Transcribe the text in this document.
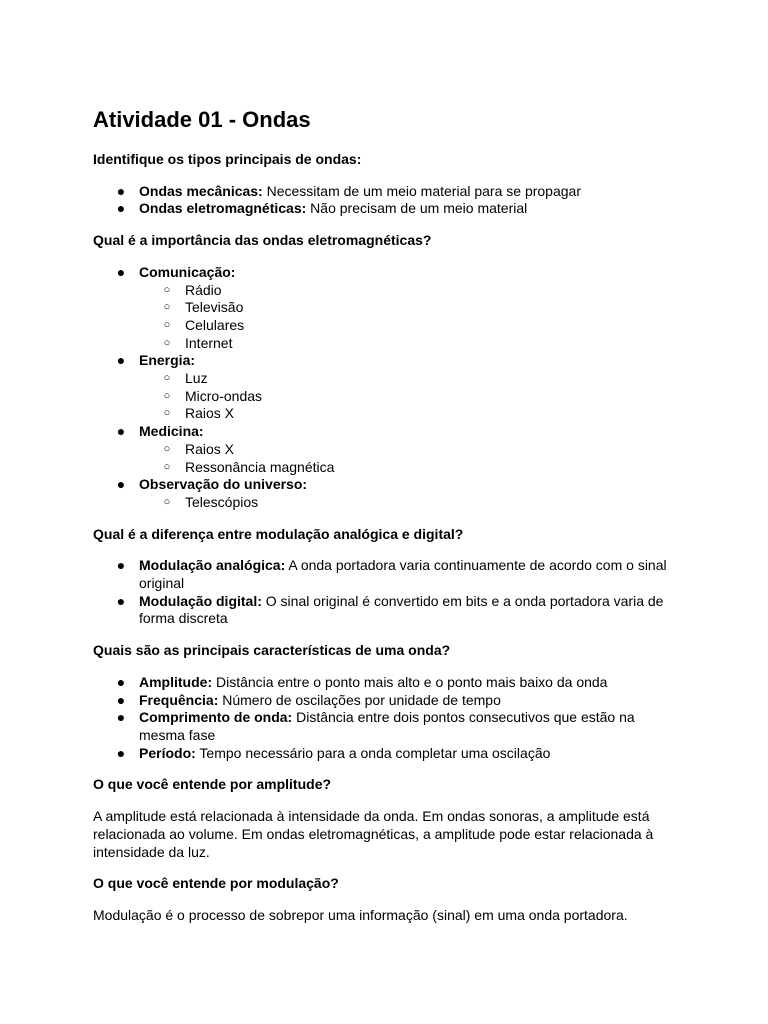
Atividade 01 - Ondas
Identifique os tipos principais de ondas:
● Ondas mecânicas: Necessitam de um meio material para se propagar
● Ondas eletromagnéticas: Não precisam de um meio material
Qual é a importância das ondas eletromagnéticas?
● Comunicação:
○ Rádio
○ Televisão
○ Celulares
○ Internet
● Energia:
○ Luz
○ Micro-ondas
○ Raios X
● Medicina:
○ Raios X
○ Ressonância magnética
● Observação do universo:
○ Telescópios
Qual é a diferença entre modulação analógica e digital?
● Modulação analógica: A onda portadora varia continuamente de acordo com o sinal original
● Modulação digital: O sinal original é convertido em bits e a onda portadora varia de forma discreta
Quais são as principais características de uma onda?
● Amplitude: Distância entre o ponto mais alto e o ponto mais baixo da onda
● Frequência: Número de oscilações por unidade de tempo
● Comprimento de onda: Distância entre dois pontos consecutivos que estão na mesma fase
● Período: Tempo necessário para a onda completar uma oscilação
O que você entende por amplitude?
A amplitude está relacionada à intensidade da onda. Em ondas sonoras, a amplitude está relacionada ao volume. Em ondas eletromagnéticas, a amplitude pode estar relacionada à intensidade da luz.
O que você entende por modulação?
Modulação é o processo de sobrepor uma informação (sinal) em uma onda portadora.
